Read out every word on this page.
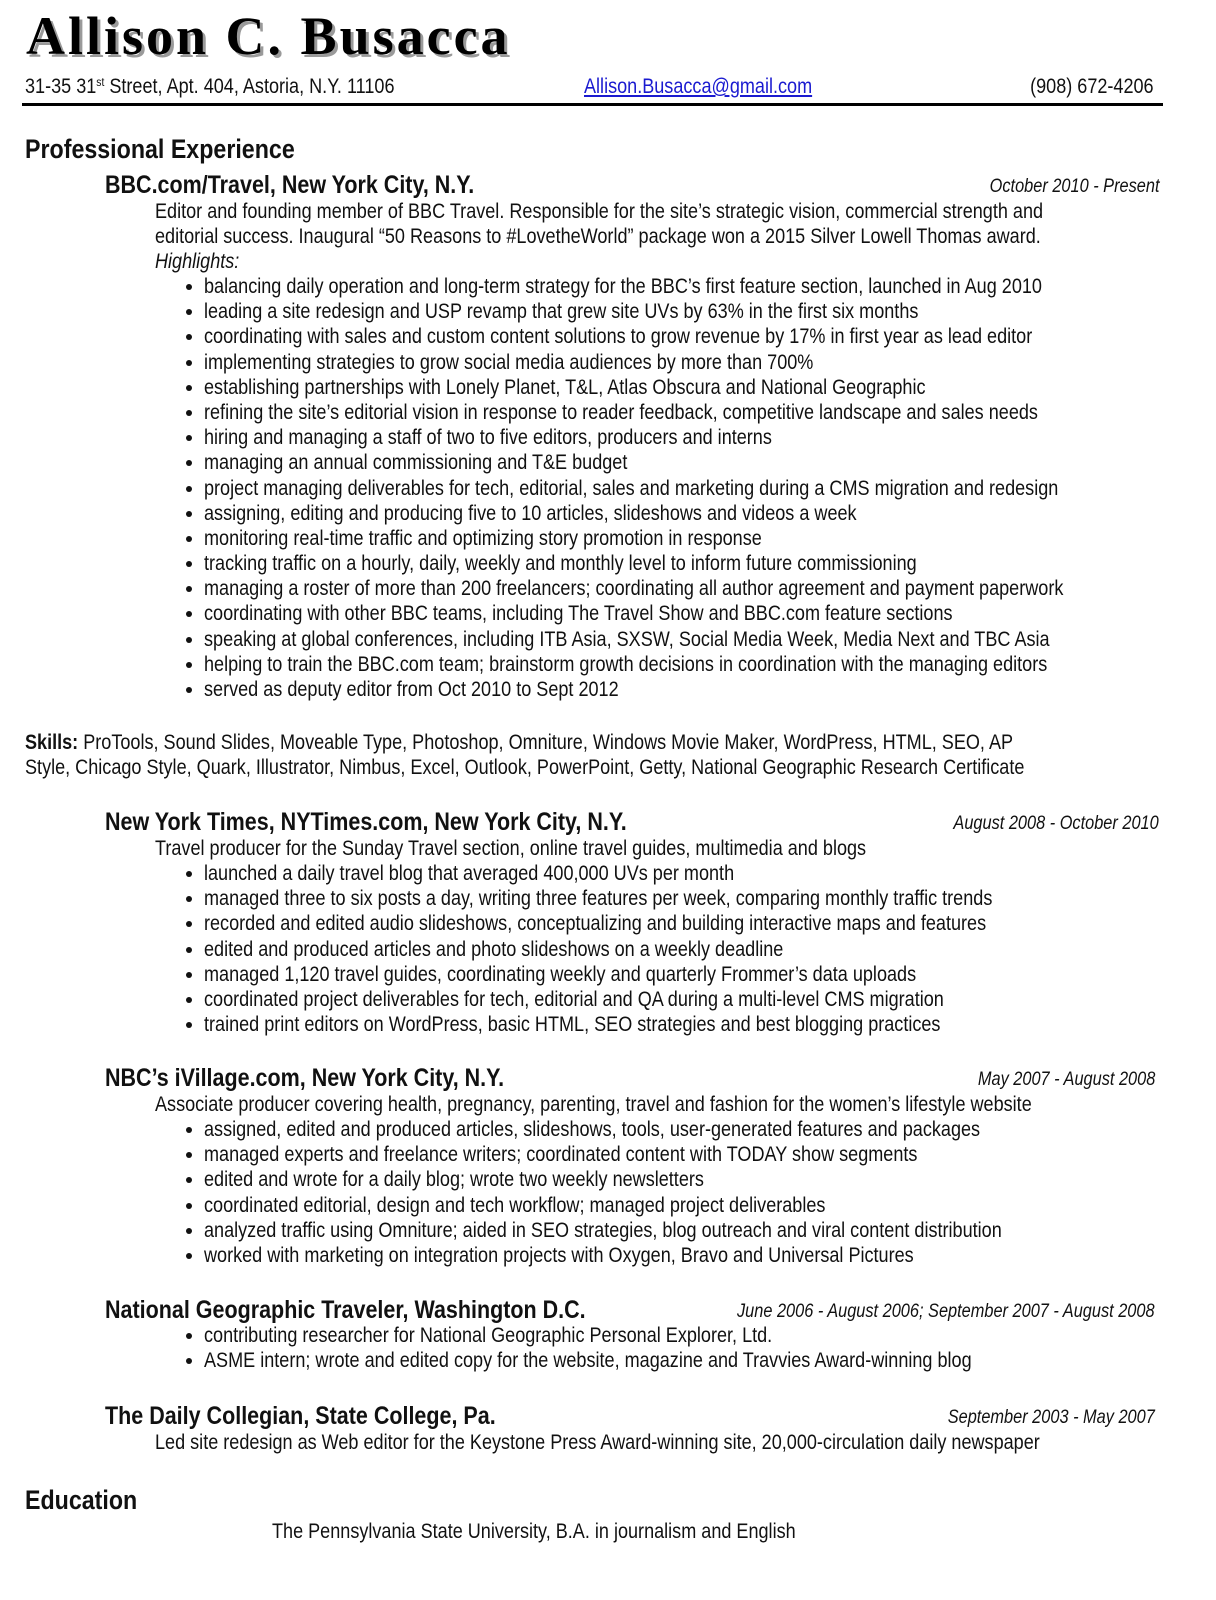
Allison C. Busacca
31-35 31st Street, Apt. 404, Astoria, N.Y. 11106	Allison.Busacca@gmail.com	(908) 672-4206
Professional Experience
BBC.com/Travel, New York City, N.Y.	October 2010 - Present
Editor and founding member of BBC Travel. Responsible for the site’s strategic vision, commercial strength and
editorial success. Inaugural “50 Reasons to #LovetheWorld” package won a 2015 Silver Lowell Thomas award.
Highlights:
balancing daily operation and long-term strategy for the BBC’s first feature section, launched in Aug 2010
leading a site redesign and USP revamp that grew site UVs by 63% in the first six months
coordinating with sales and custom content solutions to grow revenue by 17% in first year as lead editor
implementing strategies to grow social media audiences by more than 700%
establishing partnerships with Lonely Planet, T&L, Atlas Obscura and National Geographic
refining the site’s editorial vision in response to reader feedback, competitive landscape and sales needs
hiring and managing a staff of two to five editors, producers and interns
managing an annual commissioning and T&E budget
project managing deliverables for tech, editorial, sales and marketing during a CMS migration and redesign
assigning, editing and producing five to 10 articles, slideshows and videos a week
monitoring real-time traffic and optimizing story promotion in response
tracking traffic on a hourly, daily, weekly and monthly level to inform future commissioning
managing a roster of more than 200 freelancers; coordinating all author agreement and payment paperwork
coordinating with other BBC teams, including The Travel Show and BBC.com feature sections
speaking at global conferences, including ITB Asia, SXSW, Social Media Week, Media Next and TBC Asia
helping to train the BBC.com team; brainstorm growth decisions in coordination with the managing editors
served as deputy editor from Oct 2010 to Sept 2012
Skills: ProTools, Sound Slides, Moveable Type, Photoshop, Omniture, Windows Movie Maker, WordPress, HTML, SEO, AP
Style, Chicago Style, Quark, Illustrator, Nimbus, Excel, Outlook, PowerPoint, Getty, National Geographic Research Certificate
New York Times, NYTimes.com, New York City, N.Y.	August 2008 - October 2010
Travel producer for the Sunday Travel section, online travel guides, multimedia and blogs
launched a daily travel blog that averaged 400,000 UVs per month
managed three to six posts a day, writing three features per week, comparing monthly traffic trends
recorded and edited audio slideshows, conceptualizing and building interactive maps and features
edited and produced articles and photo slideshows on a weekly deadline
managed 1,120 travel guides, coordinating weekly and quarterly Frommer’s data uploads
coordinated project deliverables for tech, editorial and QA during a multi-level CMS migration
trained print editors on WordPress, basic HTML, SEO strategies and best blogging practices
NBC’s iVillage.com, New York City, N.Y.	May 2007 - August 2008
Associate producer covering health, pregnancy, parenting, travel and fashion for the women’s lifestyle website
assigned, edited and produced articles, slideshows, tools, user-generated features and packages
managed experts and freelance writers; coordinated content with TODAY show segments
edited and wrote for a daily blog; wrote two weekly newsletters
coordinated editorial, design and tech workflow; managed project deliverables
analyzed traffic using Omniture; aided in SEO strategies, blog outreach and viral content distribution
worked with marketing on integration projects with Oxygen, Bravo and Universal Pictures
National Geographic Traveler, Washington D.C.	June 2006 - August 2006; September 2007 - August 2008
contributing researcher for National Geographic Personal Explorer, Ltd.
ASME intern; wrote and edited copy for the website, magazine and Travvies Award-winning blog
The Daily Collegian, State College, Pa.	September 2003 - May 2007
Led site redesign as Web editor for the Keystone Press Award-winning site, 20,000-circulation daily newspaper
Education
The Pennsylvania State University, B.A. in journalism and English
